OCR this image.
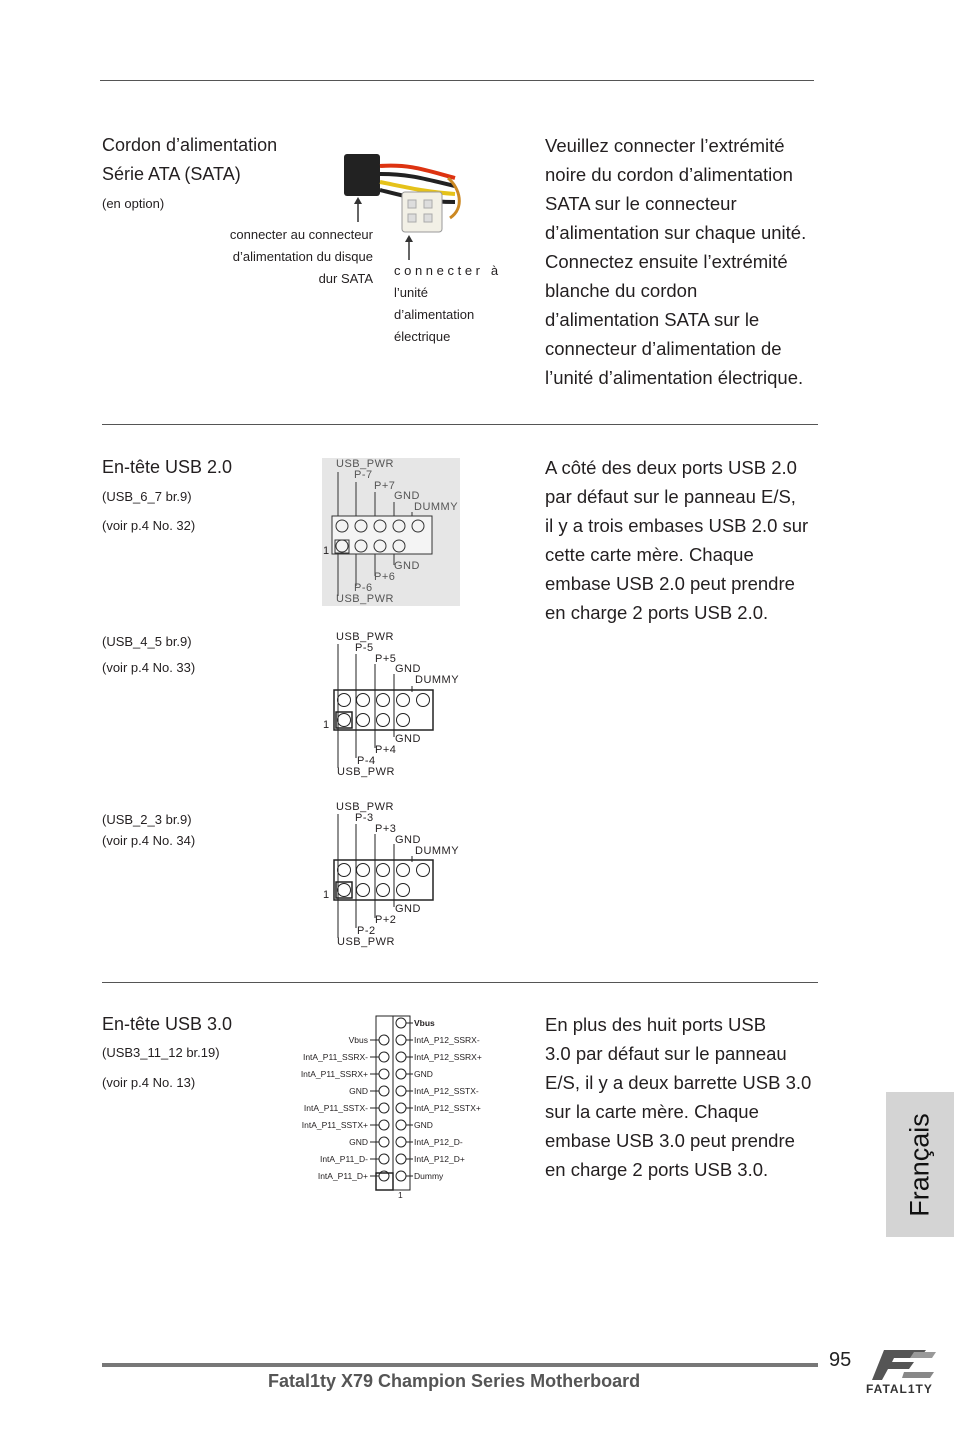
Cordon d’alimentation
Série ATA (SATA)
(en option)
connecter au connecteur
d’alimentation du disque
dur SATA
c o n n e c t e r   à
l’unité
d’alimentation
électrique
Veuillez connecter l’extrémité
noire du cordon d’alimentation
SATA sur le connecteur
d’alimentation sur chaque unité.
Connectez ensuite l’extrémité
blanche du cordon
d’alimentation SATA sur le
connecteur d’alimentation de
l’unité d’alimentation électrique.
En-tête USB 2.0
(USB_6_7 br.9)
(voir p.4 No. 32)
(USB_4_5 br.9)
(voir p.4 No. 33)
(USB_2_3 br.9)
(voir p.4 No. 34)
USB_PWR
P-7
P+7
GND
DUMMY
1
GND
P+6
P-6
USB_PWR
USB_PWR
P-5
P+5
GND
DUMMY
1
GND
P+4
P-4
USB_PWR
USB_PWR
P-3
P+3
GND
DUMMY
1
GND
P+2
P-2
USB_PWR
A côté des deux ports USB 2.0
par défaut sur le panneau E/S,
il y a trois embases USB 2.0 sur
cette carte mère. Chaque
embase USB 2.0 peut prendre
en charge 2 ports USB 2.0.
En-tête USB 3.0
(USB3_11_12 br.19)
(voir p.4 No. 13)
Vbus
IntA_P11_SSRX-
IntA_P11_SSRX+
GND
IntA_P11_SSTX-
IntA_P11_SSTX+
GND
IntA_P11_D-
IntA_P11_D+
Vbus
IntA_P12_SSRX-
IntA_P12_SSRX+
GND
IntA_P12_SSTX-
IntA_P12_SSTX+
GND
IntA_P12_D-
IntA_P12_D+
Dummy
1
En plus des huit ports USB
3.0 par défaut sur le panneau
E/S, il y a deux barrette USB 3.0
sur la carte mère. Chaque
embase USB 3.0 peut prendre
en charge 2 ports USB 3.0.	Français
Fatal1ty X79 Champion Series Motherboard
95
FATAL1TY
